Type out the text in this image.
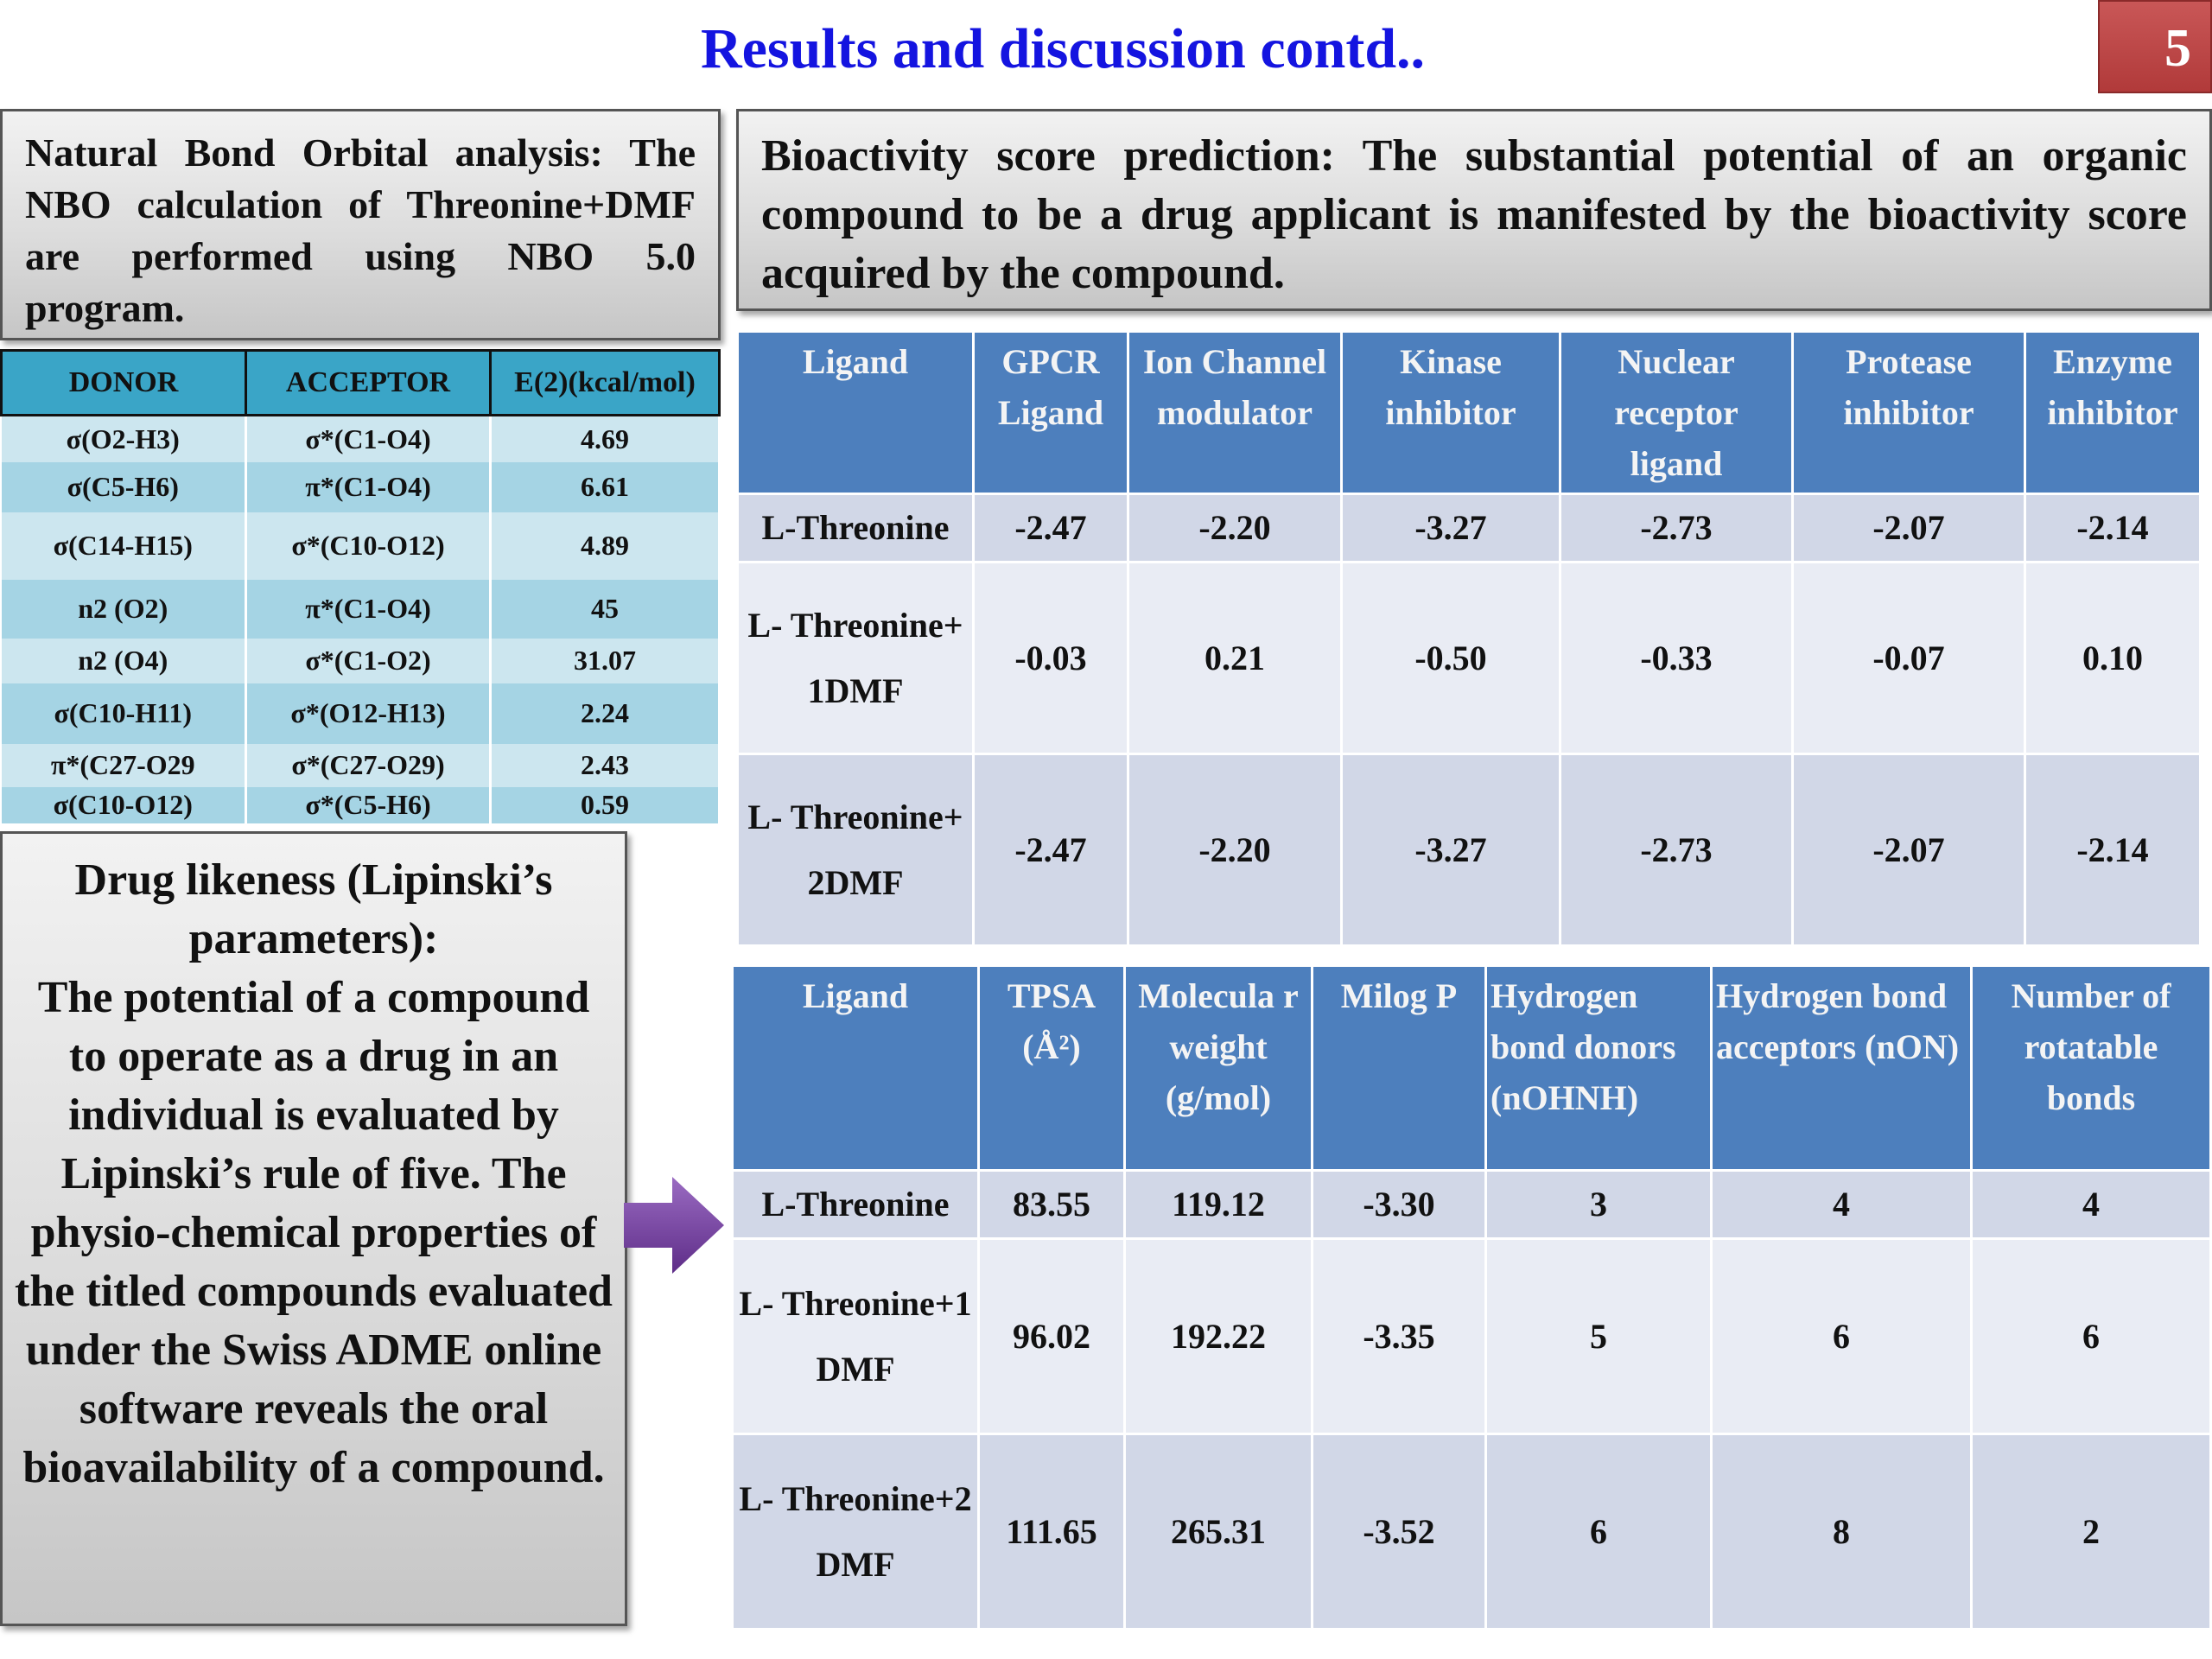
Results and discussion contd..	5
Natural Bond Orbital analysis: The NBO calculation of Threonine+DMF are performed using NBO 5.0 program.
Bioactivity score prediction: The substantial potential of an organic compound to be a drug applicant is manifested by the bioactivity score acquired by the compound.
Drug likeness (Lipinski’s parameters):
The potential of a compound to operate as a drug in an individual is evaluated by Lipinski’s rule of five. The physio-chemical properties of the titled compounds evaluated under the Swiss ADME online software reveals the oral bioavailability of a compound.
DONOR	ACCEPTOR	E(2)(kcal/mol)
σ(O2-H3)	σ*(C1-O4)	4.69
σ(C5-H6)	π*(C1-O4)	6.61
σ(C14-H15)	σ*(C10-O12)	4.89
n2 (O2)	π*(C1-O4)	45
n2 (O4)	σ*(C1-O2)	31.07
σ(C10-H11)	σ*(O12-H13)	2.24
π*(C27-O29	σ*(C27-O29)	2.43
σ(C10-O12)	σ*(C5-H6)	0.59
Ligand	GPCR Ligand	Ion Channel modulator	Kinase inhibitor	Nuclear receptor ligand	Protease inhibitor	Enzyme inhibitor
L-Threonine	-2.47	-2.20	-3.27	-2.73	-2.07	-2.14
L- Threonine+ 1DMF	-0.03	0.21	-0.50	-0.33	-0.07	0.10
L- Threonine+ 2DMF	-2.47	-2.20	-3.27	-2.73	-2.07	-2.14
Ligand	TPSA (Å²)	Molecula r weight (g/mol)	Milog P	Hydrogen bond donors (nOHNH)	Hydrogen bond acceptors (nON)	Number of rotatable bonds
L-Threonine	83.55	119.12	-3.30	3	4	4
L- Threonine+1 DMF	96.02	192.22	-3.35	5	6	6
L- Threonine+2 DMF	111.65	265.31	-3.52	6	8	2
